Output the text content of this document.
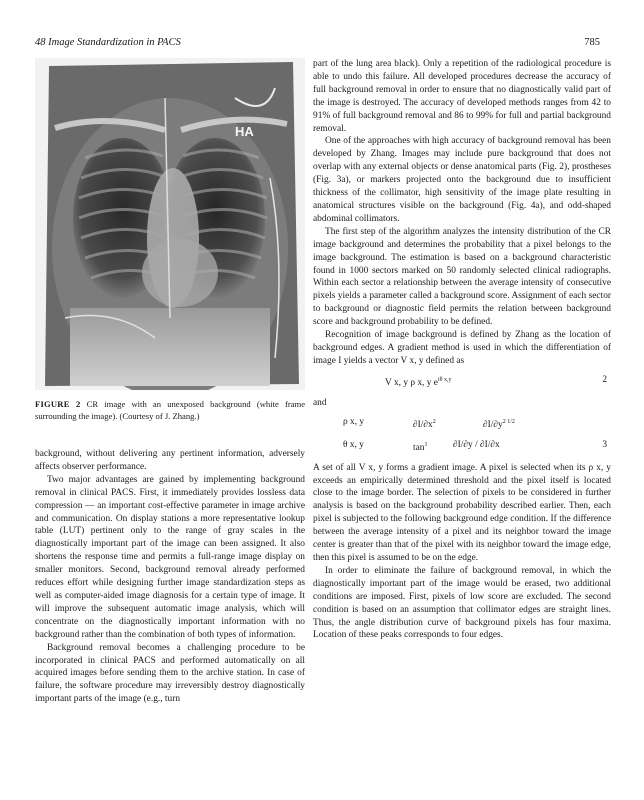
48 Image Standardization in PACS	785
HA
FIGURE 2 CR image with an unexposed background (white frame surrounding the image). (Courtesy of J. Zhang.)

background, without delivering any pertinent information, adversely affects observer performance.

Two major advantages are gained by implementing background removal in clinical PACS. First, it immediately provides lossless data compression — an important cost-effective parameter in image archive and communication. On display stations a more representative lookup table (LUT) pertinent only to the range of gray scales in the diagnostically important part of the image can been assigned. It also shortens the response time and permits a full-range image display on smaller monitors. Second, background removal already performed reduces effort while designing further image standardization steps as well as computer-aided image diagnosis for a certain type of image. It will improve the subsequent automatic image analysis, which will concentrate on the diagnostically important information with no background rather than the combination of both types of information.

Background removal becomes a challenging procedure to be incorporated in clinical PACS and performed automatically on all acquired images before sending them to the archive station. In case of failure, the software procedure may irreversibly destroy diagnostically important parts of the image (e.g., turn

part of the lung area black). Only a repetition of the radiological procedure is able to undo this failure. All developed procedures decrease the accuracy of full background removal in order to ensure that no diagnostically valid part of the image is destroyed. The accuracy of developed methods ranges from 42 to 91% of full background removal and 86 to 99% for full and partial background removal.

One of the approaches with high accuracy of background removal has been developed by Zhang. Images may include pure background that does not overlap with any external objects or dense anatomical parts (Fig. 2), prostheses (Fig. 3a), or markers projected onto the background due to insufficient thickness of the collimator, high sensitivity of the image plate resulting in anatomical structures visible on the background (Fig. 4a), and odd-shaped abdominal collimators.

The first step of the algorithm analyzes the intensity distribution of the CR image background and determines the probability that a pixel belongs to the image background. The estimation is based on a background characteristic found in 1000 sectors marked on 50 randomly selected clinical radiographs. Within each sector a relationship between the average intensity of consecutive pixels yields a parameter called a background score. Assignment of each sector to background or diagnostic field permits the relation between background score and background probability to be defined.

Recognition of image background is defined by Zhang as the location of background edges. A gradient method is used in which the differentiation of image I yields a vector V x, y defined as

V x, y ρ x, y $e^{i\theta x,y}$	2

and

ρ x, y	$\partial I/\partial x^2$	$\partial I/\partial y^{2 1/2}$
θ x, y	$\tan^1$	∂I/∂y / ∂I/∂x	3

A set of all V x, y forms a gradient image. A pixel is selected when its ρ x, y exceeds an empirically determined threshold and the pixel itself is located close to the image border. The selection of pixels to be considered in further analysis is based on the background probability described earlier. Then, each pixel is subjected to the following background edge condition. If the difference between the average intensity of a pixel and its neighbor toward the image center is greater than that of the pixel with its neighbor toward the image edge, then this pixel is assumed to be on the edge.

In order to eliminate the failure of background removal, in which the diagnostically important part of the image would be erased, two additional conditions are imposed. First, pixels of low score are excluded. The second condition is based on an assumption that collimator edges are straight lines. Thus, the angle distribution curve of background pixels has four maxima. Location of these peaks corresponds to four edges.
